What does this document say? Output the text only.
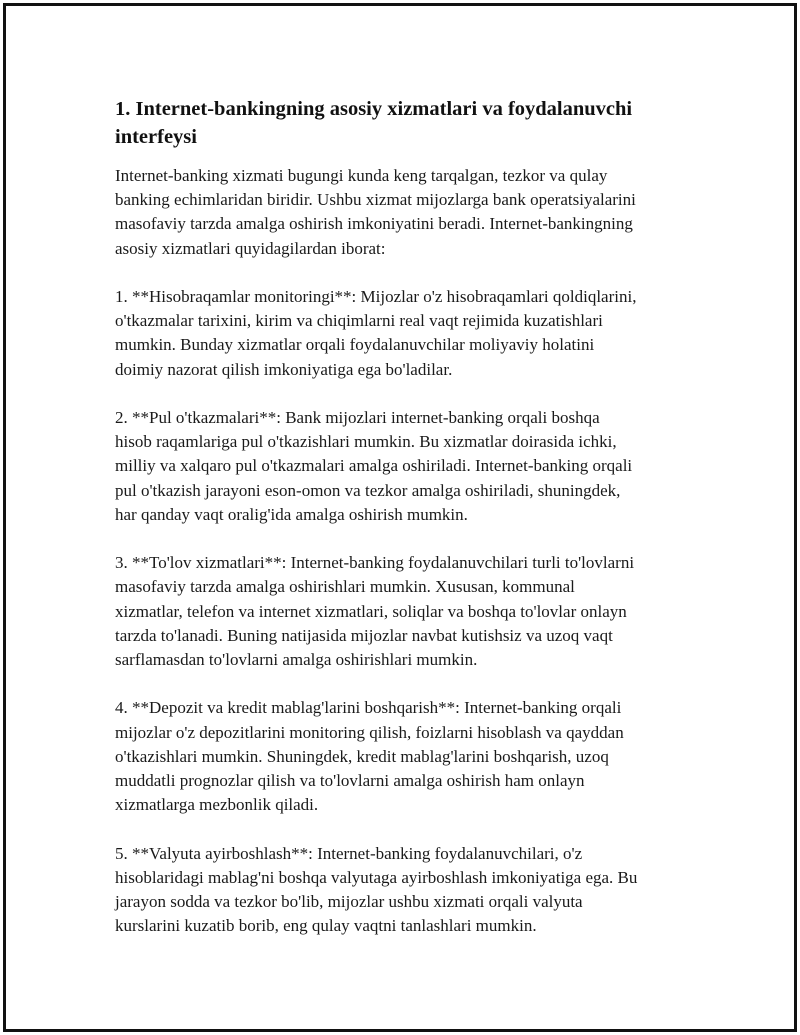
1. Internet-bankingning asosiy xizmatlari va foydalanuvchi
interfeysi

Internet-banking xizmati bugungi kunda keng tarqalgan, tezkor va qulay
banking echimlaridan biridir. Ushbu xizmat mijozlarga bank operatsiyalarini
masofaviy tarzda amalga oshirish imkoniyatini beradi. Internet-bankingning
asosiy xizmatlari quyidagilardan iborat:

1. **Hisobraqamlar monitoringi**: Mijozlar o'z hisobraqamlari qoldiqlarini,
o'tkazmalar tarixini, kirim va chiqimlarni real vaqt rejimida kuzatishlari
mumkin. Bunday xizmatlar orqali foydalanuvchilar moliyaviy holatini
doimiy nazorat qilish imkoniyatiga ega bo'ladilar.

2. **Pul o'tkazmalari**: Bank mijozlari internet-banking orqali boshqa
hisob raqamlariga pul o'tkazishlari mumkin. Bu xizmatlar doirasida ichki,
milliy va xalqaro pul o'tkazmalari amalga oshiriladi. Internet-banking orqali
pul o'tkazish jarayoni eson-omon va tezkor amalga oshiriladi, shuningdek,
har qanday vaqt oralig'ida amalga oshirish mumkin.

3. **To'lov xizmatlari**: Internet-banking foydalanuvchilari turli to'lovlarni
masofaviy tarzda amalga oshirishlari mumkin. Xususan, kommunal
xizmatlar, telefon va internet xizmatlari, soliqlar va boshqa to'lovlar onlayn
tarzda to'lanadi. Buning natijasida mijozlar navbat kutishsiz va uzoq vaqt
sarflamasdan to'lovlarni amalga oshirishlari mumkin.

4. **Depozit va kredit mablag'larini boshqarish**: Internet-banking orqali
mijozlar o'z depozitlarini monitoring qilish, foizlarni hisoblash va qayddan
o'tkazishlari mumkin. Shuningdek, kredit mablag'larini boshqarish, uzoq
muddatli prognozlar qilish va to'lovlarni amalga oshirish ham onlayn
xizmatlarga mezbonlik qiladi.

5. **Valyuta ayirboshlash**: Internet-banking foydalanuvchilari, o'z
hisoblaridagi mablag'ni boshqa valyutaga ayirboshlash imkoniyatiga ega. Bu
jarayon sodda va tezkor bo'lib, mijozlar ushbu xizmati orqali valyuta
kurslarini kuzatib borib, eng qulay vaqtni tanlashlari mumkin.
